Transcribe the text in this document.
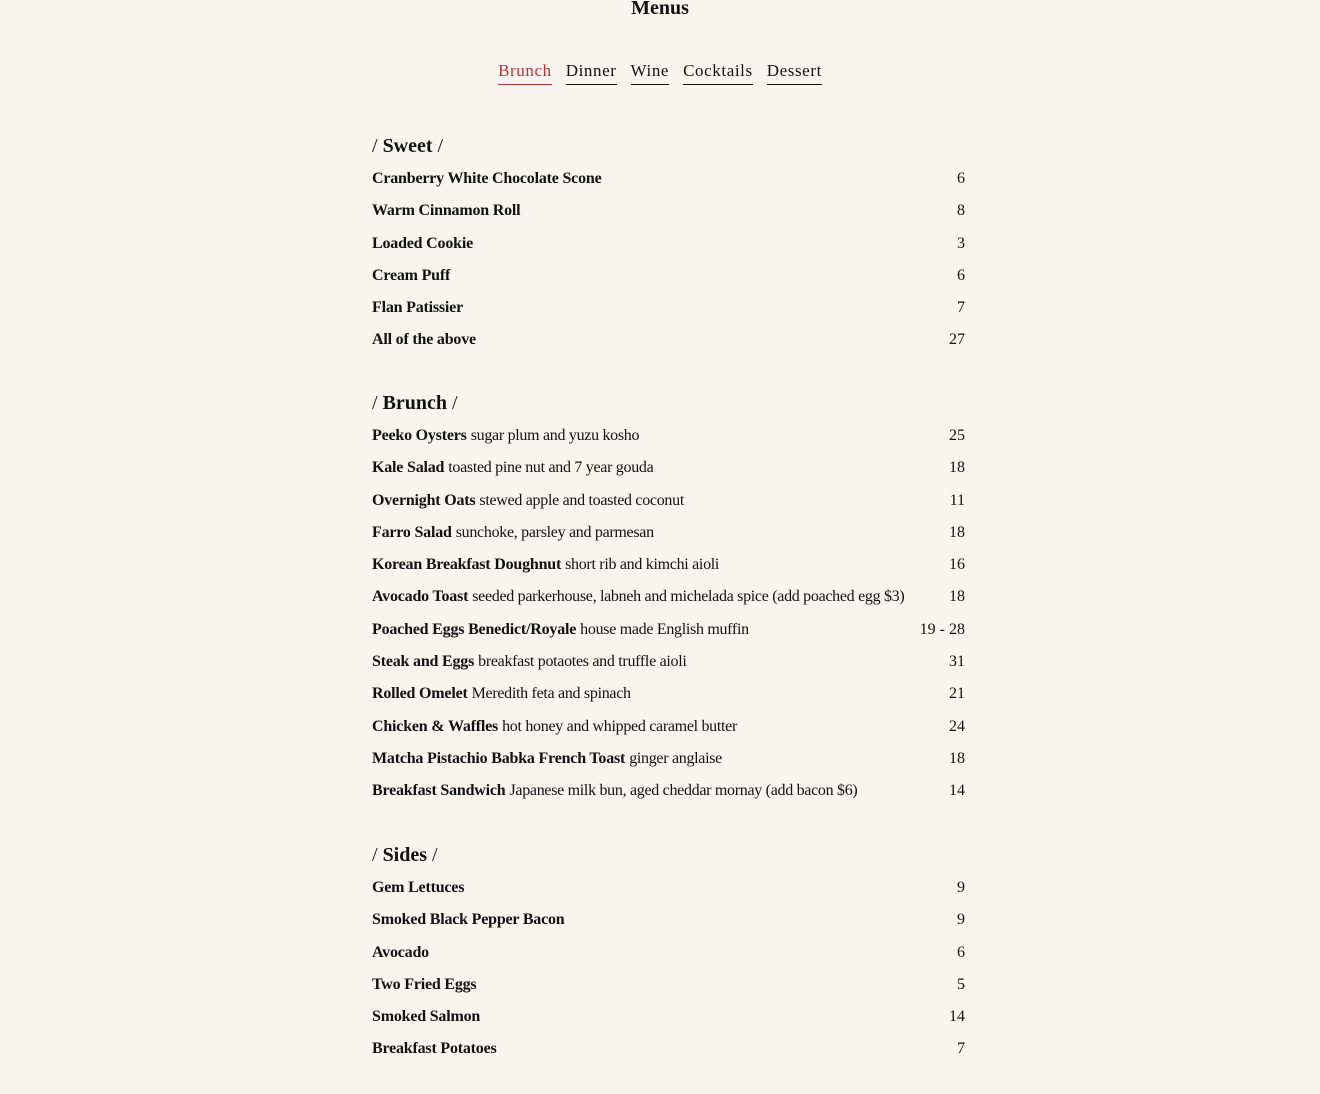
Menus
Brunch Dinner Wine Cocktails Dessert
/ Sweet /
Cranberry White Chocolate Scone	6
Warm Cinnamon Roll	8
Loaded Cookie	3
Cream Puff	6
Flan Patissier	7
All of the above	27
/ Brunch /
Peeko Oysters sugar plum and yuzu kosho	25
Kale Salad toasted pine nut and 7 year gouda	18
Overnight Oats stewed apple and toasted coconut	11
Farro Salad sunchoke, parsley and parmesan	18
Korean Breakfast Doughnut short rib and kimchi aioli	16
Avocado Toast seeded parkerhouse, labneh and michelada spice (add poached egg $3)	18
Poached Eggs Benedict/Royale house made English muffin	19 - 28
Steak and Eggs breakfast potaotes and truffle aioli	31
Rolled Omelet Meredith feta and spinach	21
Chicken & Waffles hot honey and whipped caramel butter	24
Matcha Pistachio Babka French Toast ginger anglaise	18
Breakfast Sandwich Japanese milk bun, aged cheddar mornay (add bacon $6)	14
/ Sides /
Gem Lettuces	9
Smoked Black Pepper Bacon	9
Avocado	6
Two Fried Eggs	5
Smoked Salmon	14
Breakfast Potatoes	7
